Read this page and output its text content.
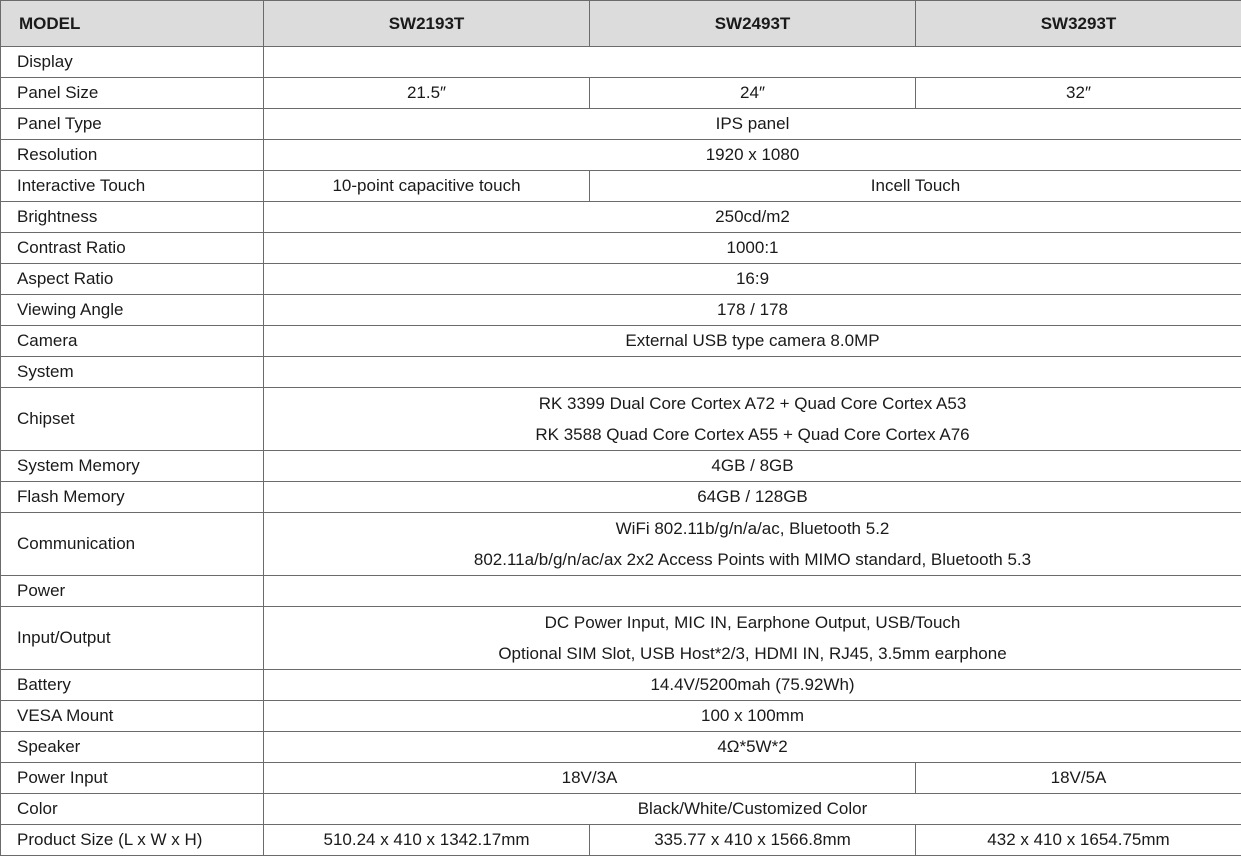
MODEL	SW2193T	SW2493T	SW3293T
Display			
Panel Size	21.5″	24″	32″
Panel Type	IPS panel		
Resolution	1920 x 1080		
Interactive Touch	10-point capacitive touch	Incell Touch	
Brightness	250cd/m2		
Contrast Ratio	1000:1		
Aspect Ratio	16:9		
Viewing Angle	178 / 178		
Camera	External USB type camera 8.0MP		
System			
Chipset	RK 3399 Dual Core Cortex A72 + Quad Core Cortex A53
RK 3588 Quad Core Cortex A55 + Quad Core Cortex A76		

System Memory	4GB / 8GB		
Flash Memory	64GB / 128GB		
Communication	WiFi 802.11b/g/n/a/ac, Bluetooth 5.2
802.11a/b/g/n/ac/ax 2x2 Access Points with MIMO standard, Bluetooth 5.3		

Power			
Input/Output	DC Power Input, MIC IN, Earphone Output, USB/Touch
Optional SIM Slot, USB Host*2/3, HDMI IN, RJ45, 3.5mm earphone		

Battery	14.4V/5200mah (75.92Wh)		
VESA Mount	100 x 100mm		
Speaker	4Ω*5W*2		
Power Input	18V/3A		18V/5A
Color	Black/White/Customized Color		
Product Size (L x W x H)	510.24 x 410 x 1342.17mm	335.77 x 410 x 1566.8mm	432 x 410 x 1654.75mm
